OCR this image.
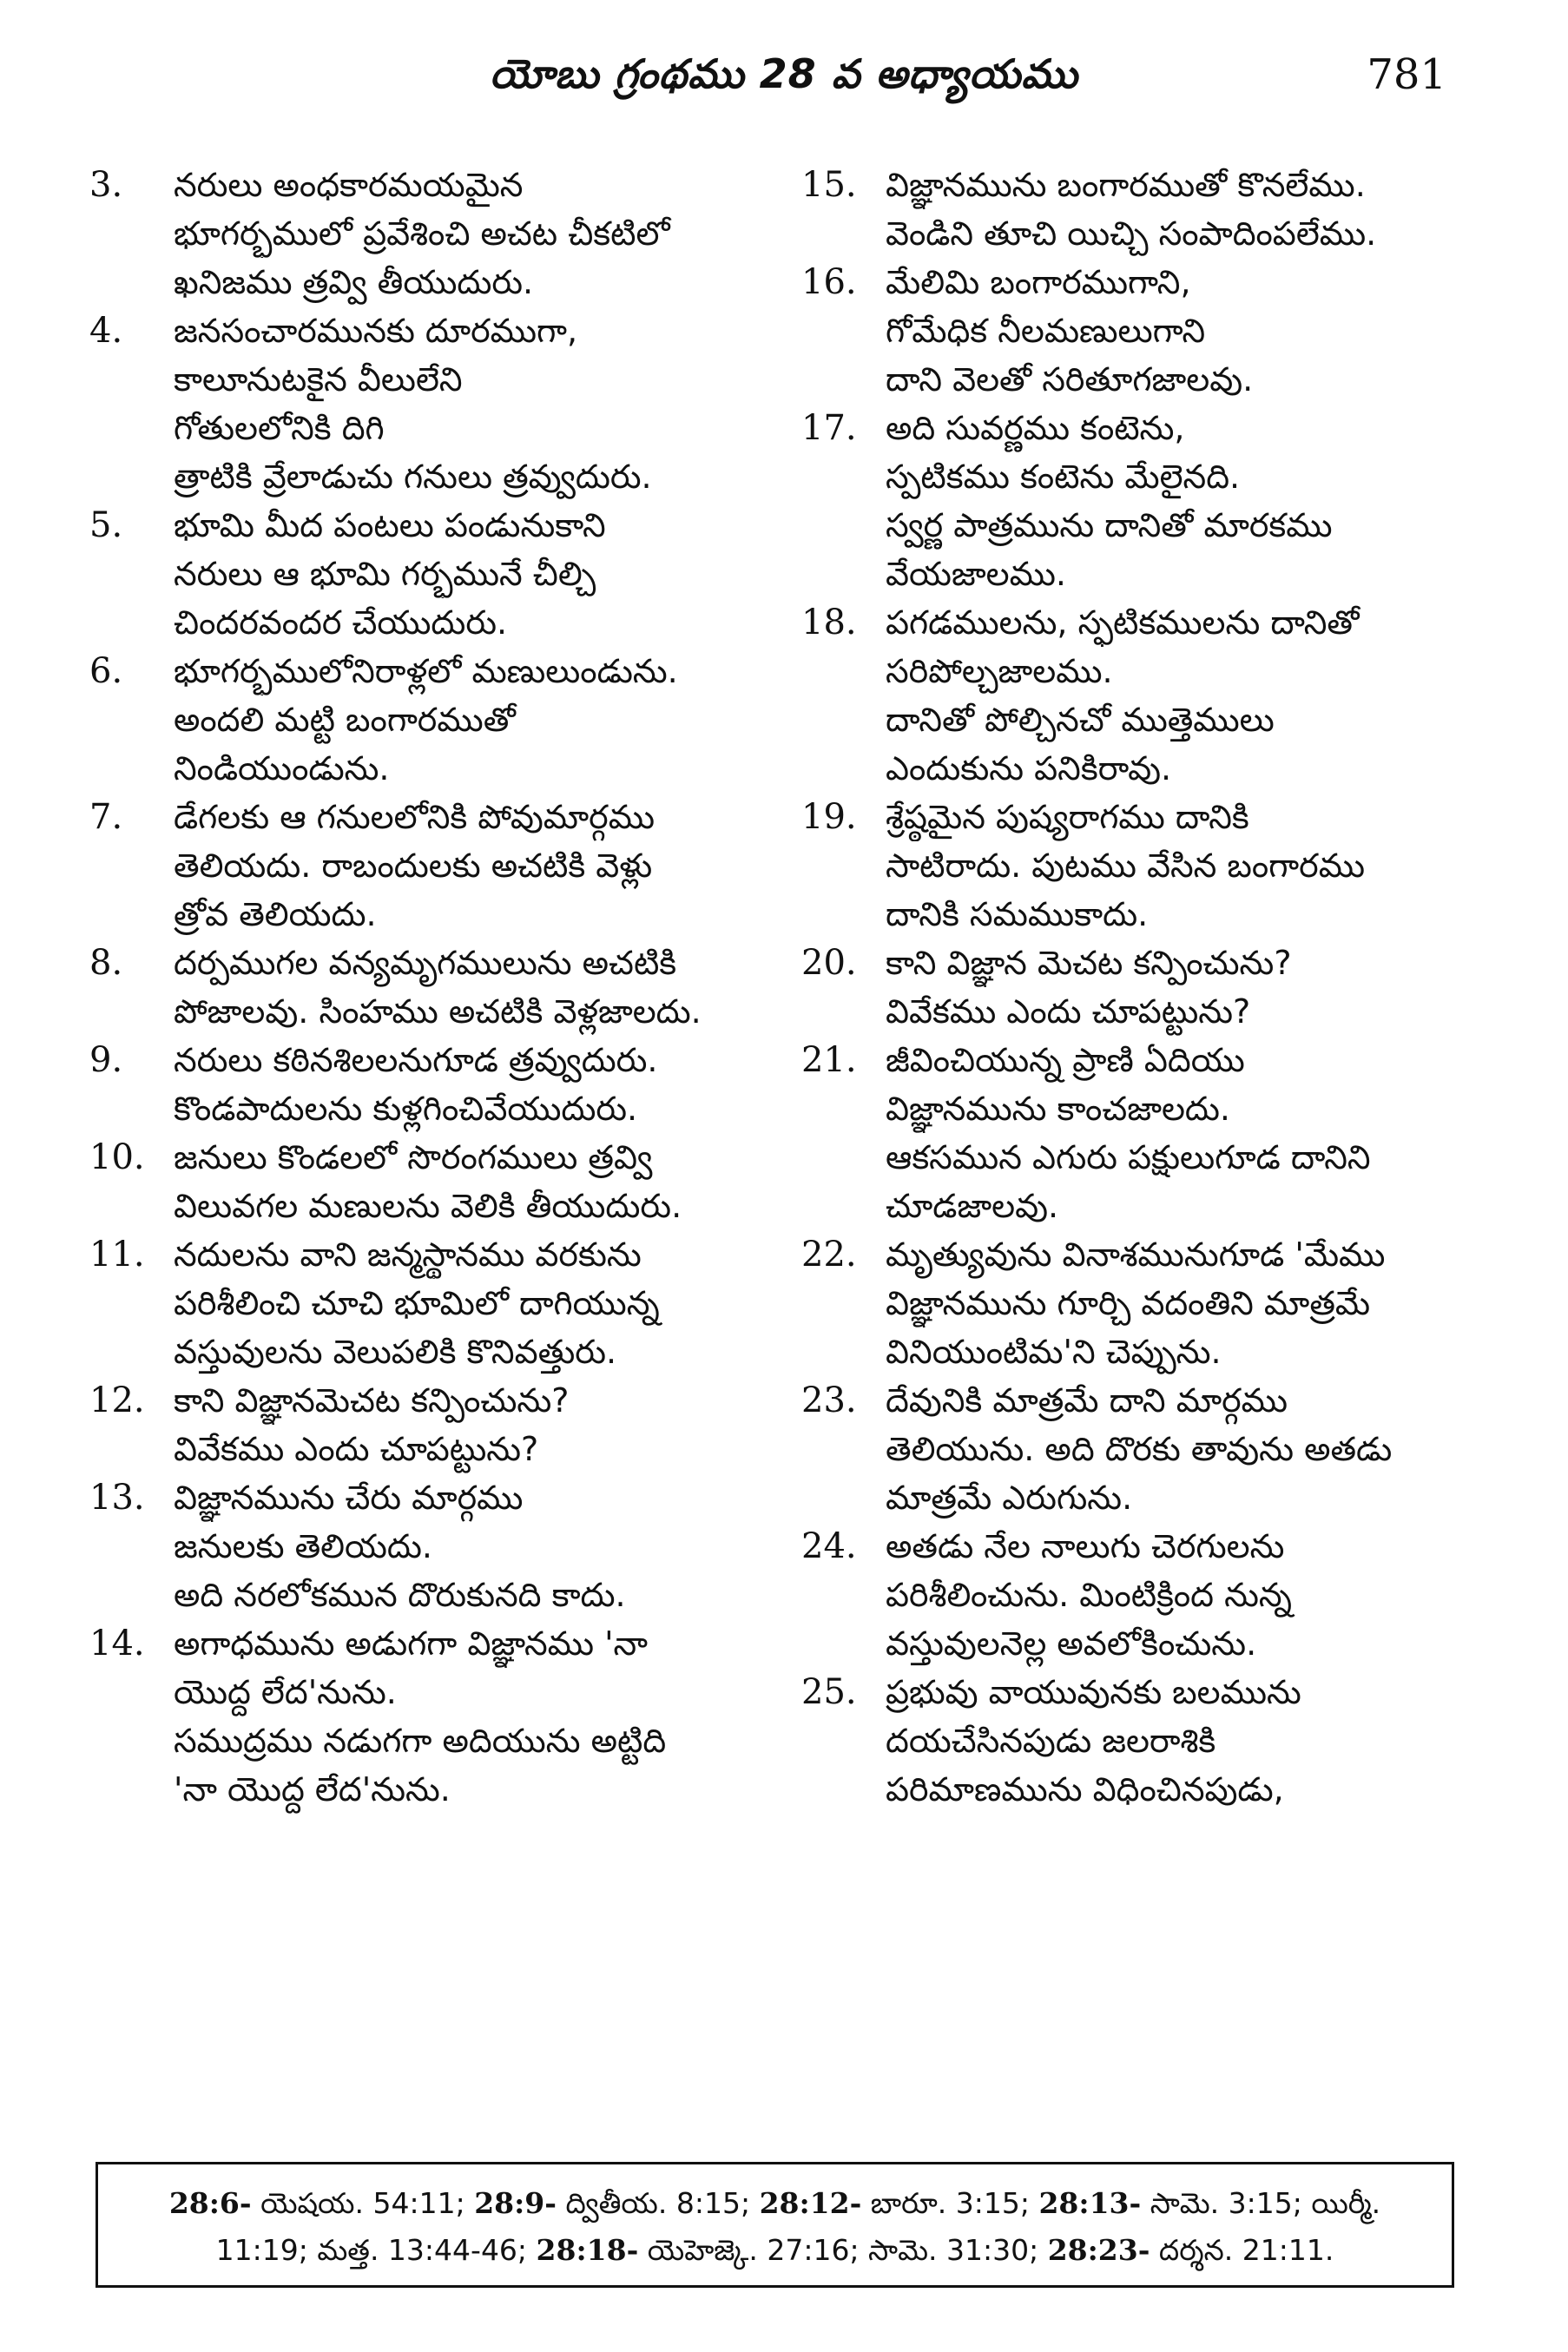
యోబు గ్రంథము 28 వ అధ్యాయము	781
3.	నరులు అంధకారమయమైన
భూగర్భములో ప్రవేశించి అచట చీకటిలో
ఖనిజము త్రవ్వి తీయుదురు.
4.	జనసంచారమునకు దూరముగా,
కాలూనుటకైన వీలులేని
గోతులలోనికి దిగి
త్రాటికి వ్రేలాడుచు గనులు త్రవ్వుదురు.
5.	భూమి మీద పంటలు పండునుకాని
నరులు ఆ భూమి గర్భమునే చీల్చి
చిందరవందర చేయుదురు.
6.	భూగర్భములోనిరాళ్లలో మణులుండును.
అందలి మట్టి బంగారముతో
నిండియుండును.
7.	డేగలకు ఆ గనులలోనికి పోవుమార్గము
తెలియదు. రాబందులకు అచటికి వెళ్లు
త్రోవ తెలియదు.
8.	దర్పముగల వన్యమృగములును అచటికి
పోజాలవు. సింహము అచటికి వెళ్లజాలదు.
9.	నరులు కఠినశిలలనుగూడ త్రవ్వుదురు.
కొండపాదులను కుళ్లగించివేయుదురు.
10. జనులు కొండలలో సొరంగములు త్రవ్వి
విలువగల మణులను వెలికి తీయుదురు.
11. నదులను వాని జన్మస్థానము వరకును
పరిశీలించి చూచి భూమిలో దాగియున్న
వస్తువులను వెలుపలికి కొనివత్తురు.
12. కాని విజ్ఞానమెచట కన్పించును?
వివేకము ఎందు చూపట్టును?
13. విజ్ఞానమును చేరు మార్గము
జనులకు తెలియదు.
అది నరలోకమున దొరుకునది కాదు.
14. అగాధమును అడుగగా విజ్ఞానము 'నా
యొద్ద లేద'నును.
సముద్రము నడుగగా అదియును అట్టిది
'నా యొద్ద లేద'నును.
15. విజ్ఞానమును బంగారముతో కొనలేము.
వెండిని తూచి యిచ్చి సంపాదింపలేము.
16. మేలిమి బంగారముగాని,
గోమేధిక నీలమణులుగాని
దాని వెలతో సరితూగజాలవు.
17. అది సువర్ణము కంటెను,
స్పటికము కంటెను మేలైనది.
స్వర్ణ పాత్రమును దానితో మారకము
వేయజాలము.
18. పగడములను, స్ఫటికములను దానితో
సరిపోల్చజాలము.
దానితో పోల్చినచో ముత్తెములు
ఎందుకును పనికిరావు.
19. శ్రేష్ఠమైన పుష్యరాగము దానికి
సాటిరాదు. పుటము వేసిన బంగారము
దానికి సమముకాదు.
20. కాని విజ్ఞాన మెచట కన్పించును?
వివేకము ఎందు చూపట్టును?
21. జీవించియున్న ప్రాణి ఏదియు
విజ్ఞానమును కాంచజాలదు.
ఆకసమున ఎగురు పక్షులుగూడ దానిని
చూడజాలవు.
22. మృత్యువును వినాశమునుగూడ 'మేము
విజ్ఞానమును గూర్చి వదంతిని మాత్రమే
వినియుంటిమ'ని చెప్పును.
23. దేవునికి మాత్రమే దాని మార్గము
తెలియును. అది దొరకు తావును అతడు
మాత్రమే ఎరుగును.
24. అతడు నేల నాలుగు చెరగులను
పరిశీలించును. మింటిక్రింద నున్న
వస్తువులనెల్ల అవలోకించును.
25. ప్రభువు వాయువునకు బలమును
దయచేసినపుడు జలరాశికి
పరిమాణమును విధించినపుడు,
28:6- యెషయ. 54:11; 28:9- ద్వితీయ. 8:15; 28:12- బారూ. 3:15; 28:13- సామె. 3:15; యిర్మీ.
11:19; మత్త. 13:44-46; 28:18- యెహెజ్కె. 27:16; సామె. 31:30; 28:23- దర్శన. 21:11.
